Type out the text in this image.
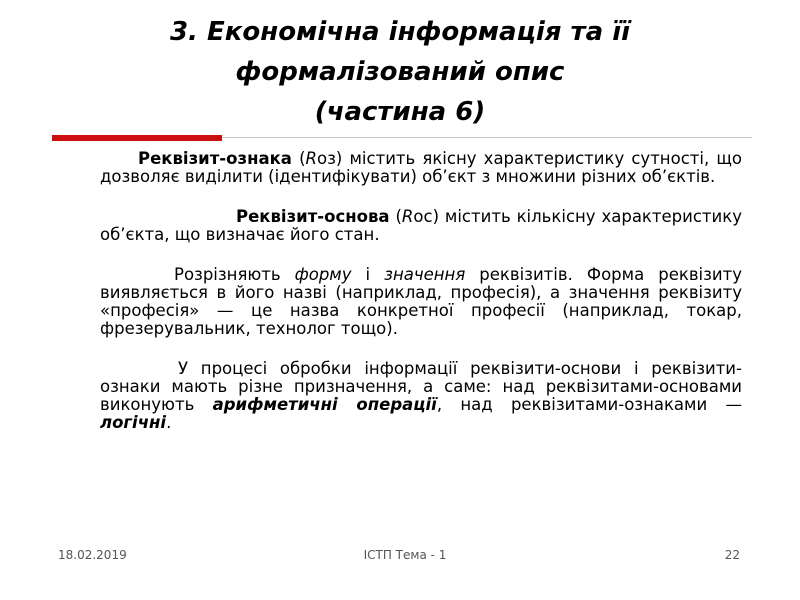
3. Економічна інформація та її
формалізований опис
(частина 6)

Реквізит-ознака (Rоз) містить якісну характеристику сутності, що дозволяє виділити (ідентифікувати) об’єкт з множини різних об’єктів.

Реквізит-основа (Rос) містить кількісну характеристику об’єкта, що визначає його стан.

Розрізняють форму і значення реквізитів. Форма реквізиту виявляється в його назві (наприклад, професія), а значення реквізиту «професія» — це назва конкретної професії (наприклад, токар, фрезерувальник, технолог тощо).

У процесі обробки інформації реквізити-основи і реквізити-ознаки мають різне призначення, а саме: над реквізитами-основами виконують арифметичні операції, над реквізитами-ознаками — логічні.

18.02.2019	ІСТП Тема - 1	22
